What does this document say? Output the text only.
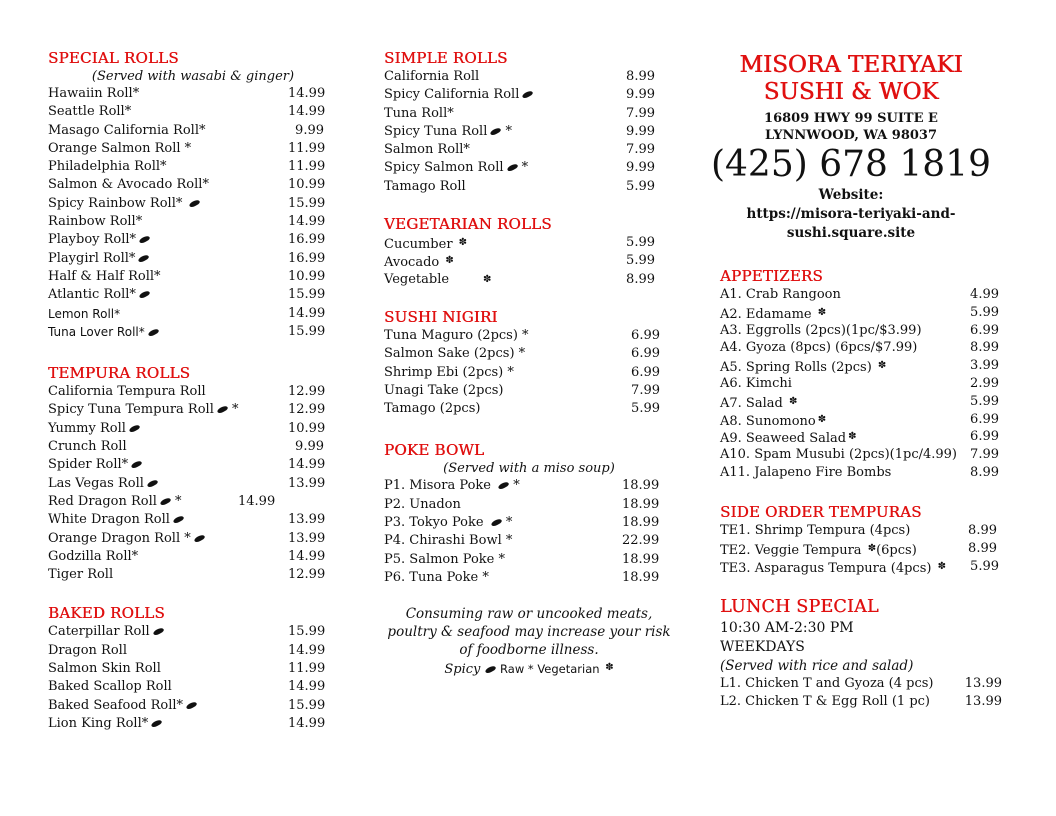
SPECIAL ROLLS
(Served with wasabi & ginger)
Hawaiin Roll*	14.99
Seattle Roll*	14.99
Masago California Roll*	9.99
Orange Salmon Roll *	11.99
Philadelphia Roll*	11.99
Salmon & Avocado Roll*	10.99
Spicy Rainbow Roll*	15.99
Rainbow Roll*	14.99
Playboy Roll*	16.99
Playgirl Roll*	16.99
Half & Half Roll*	10.99
Atlantic Roll*	15.99
Lemon Roll*	14.99
Tuna Lover Roll*	15.99
TEMPURA ROLLS
California Tempura Roll	12.99
Spicy Tuna Tempura Roll *	12.99
Yummy Roll	10.99
Crunch Roll	9.99
Spider Roll*	14.99
Las Vegas Roll	13.99
Red Dragon Roll *	14.99
White Dragon Roll	13.99
Orange Dragon Roll *	13.99
Godzilla Roll*	14.99
Tiger Roll	12.99
BAKED ROLLS
Caterpillar Roll	15.99
Dragon Roll	14.99
Salmon Skin Roll	11.99
Baked Scallop Roll	14.99
Baked Seafood Roll*	15.99
Lion King Roll*	14.99
SIMPLE ROLLS
California Roll	8.99
Spicy California Roll	9.99
Tuna Roll*	7.99
Spicy Tuna Roll *	9.99
Salmon Roll*	7.99
Spicy Salmon Roll *	9.99
Tamago Roll	5.99
VEGETARIAN ROLLS
Cucumber ✽	5.99
Avocado ✽	5.99
Vegetable	✽	8.99
SUSHI NIGIRI
Tuna Maguro (2pcs) *	6.99
Salmon Sake (2pcs) *	6.99
Shrimp Ebi (2pcs) *	6.99
Unagi Take (2pcs)	7.99
Tamago (2pcs)	5.99
POKE BOWL
(Served with a miso soup)
P1. Misora Poke  *	18.99
P2. Unadon	18.99
P3. Tokyo Poke  *	18.99
P4. Chirashi Bowl *	22.99
P5. Salmon Poke *	18.99
P6. Tuna Poke *	18.99
Consuming raw or uncooked meats,
poultry & seafood may increase your risk
of foodborne illness.
Spicy Raw * Vegetarian ✽
MISORA TERIYAKI
SUSHI & WOK
16809 HWY 99 SUITE E
LYNNWOOD, WA 98037
(425) 678 1819
Website:
https://misora-teriyaki-and-
sushi.square.site
APPETIZERS
A1. Crab Rangoon	4.99
A2. Edamame ✽	5.99
A3. Eggrolls (2pcs)(1pc/$3.99)	6.99
A4. Gyoza (8pcs) (6pcs/$7.99)	8.99
A5. Spring Rolls (2pcs) ✽	3.99
A6. Kimchi	2.99
A7. Salad ✽	5.99
A8. Sunomono ✽	6.99
A9. Seaweed Salad ✽	6.99
A10. Spam Musubi (2pcs)(1pc/4.99)	7.99
A11. Jalapeno Fire Bombs	8.99
SIDE ORDER TEMPURAS
TE1. Shrimp Tempura (4pcs)	8.99
TE2. Veggie Tempura ✽(6pcs)	8.99
TE3. Asparagus Tempura (4pcs) ✽	5.99
LUNCH SPECIAL
10:30 AM-2:30 PM
WEEKDAYS
(Served with rice and salad)
L1. Chicken T and Gyoza (4 pcs) 13.99
L2. Chicken T & Egg Roll (1 pc)	13.99
